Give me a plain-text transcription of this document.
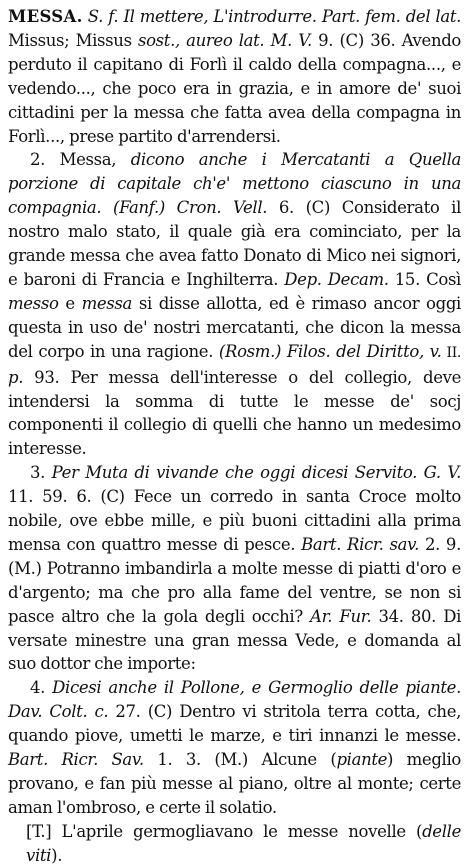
MESSA. S. f. Il mettere, L'introdurre. Part. fem. del lat. Missus; Missus sost., aureo lat. M. V. 9. (C) 36. Avendo perduto il capitano di Forlì il caldo della compagna..., e vedendo..., che poco era in grazia, e in amore de' suoi cittadini per la messa che fatta avea della compagna in Forlì..., prese partito d'arrendersi.

2. Messa, dicono anche i Mercatanti a Quella porzione di capitale ch'e' mettono ciascuno in una compagnia. (Fanf.) Cron. Vell. 6. (C) Considerato il nostro malo stato, il quale già era cominciato, per la grande messa che avea fatto Donato di Mico nei signori, e baroni di Francia e Inghilterra. Dep. Decam. 15. Così messo e messa si disse allotta, ed è rimaso ancor oggi questa in uso de' nostri mercatanti, che dicon la messa del corpo in una ragione. (Rosm.) Filos. del Diritto, v. II. p. 93. Per messa dell'interesse o del collegio, deve intendersi la somma di tutte le messe de' socj componenti il collegio di quelli che hanno un medesimo interesse.

3. Per Muta di vivande che oggi dicesi Servito. G. V. 11. 59. 6. (C) Fece un corredo in santa Croce molto nobile, ove ebbe mille, e più buoni cittadini alla prima mensa con quattro messe di pesce. Bart. Ricr. sav. 2. 9. (M.) Potranno imbandirla a molte messe di piatti d'oro e d'argento; ma che pro alla fame del ventre, se non si pasce altro che la gola degli occhi? Ar. Fur. 34. 80. Di versate minestre una gran messa Vede, e domanda al suo dottor che importe:

4. Dicesi anche il Pollone, e Germoglio delle piante. Dav. Colt. c. 27. (C) Dentro vi stritola terra cotta, che, quando piove, umetti le marze, e tiri innanzi le messe. Bart. Ricr. Sav. 1. 3. (M.) Alcune (piante) meglio provano, e fan più messe al piano, oltre al monte; certe aman l'ombroso, e certe il solatio.

[T.] L'aprile germogliavano le messe novelle (delle viti).
